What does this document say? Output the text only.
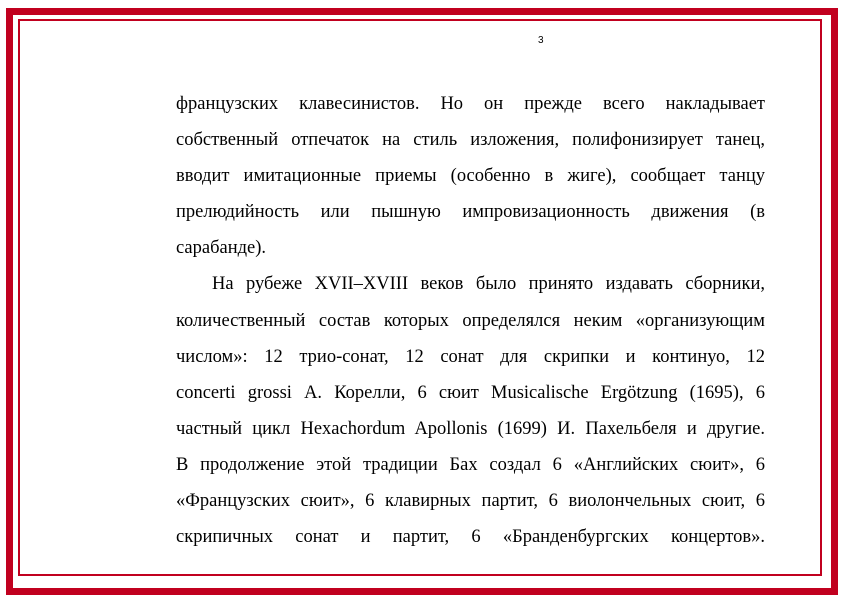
3

французских клавесинистов. Но он прежде всего накладывает

собственный отпечаток на стиль изложения, полифонизирует танец,

вводит имитационные приемы (особенно в жиге), сообщает танцу

прелюдийность или пышную импровизационность движения (в

сарабанде).

На рубеже XVII–XVIII веков было принято издавать сборники,

количественный состав которых определялся неким «организующим

числом»: 12 трио-сонат, 12 сонат для скрипки и континуо, 12

concerti grossi А. Корелли, 6 сюит Musicalische Ergötzung (1695), 6

частный цикл Hexachordum Apollonis (1699) И. Пахельбеля и другие.

В продолжение этой традиции Бах создал 6 «Английских сюит», 6

«Французских сюит», 6 клавирных партит, 6 виолончельных сюит, 6

скрипичных сонат и партит, 6 «Бранденбургских концертов».
